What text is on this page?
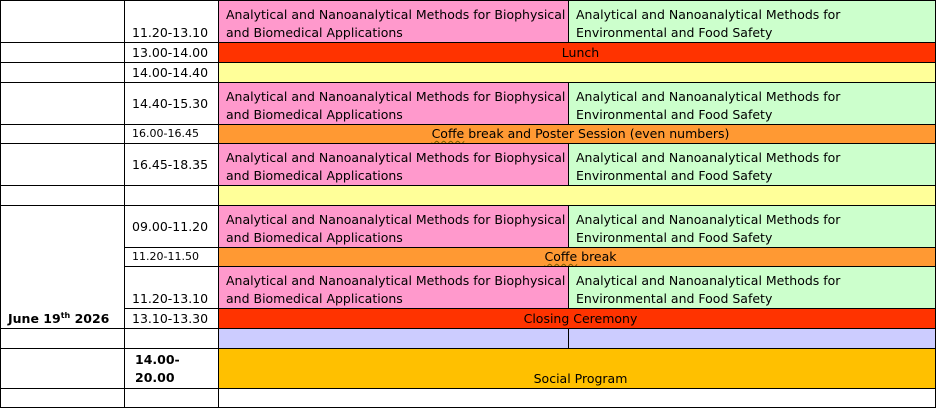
	11.20-13.10	Analytical and Nanoanalytical Methods for Biophysical and Biomedical Applications	Analytical and Nanoanalytical Methods for Environmental and Food Safety

	13.00-14.00	Lunch	
	14.00-14.40		
	14.40-15.30	Analytical and Nanoanalytical Methods for Biophysical and Biomedical Applications	Analytical and Nanoanalytical Methods for Environmental and Food Safety

	16.00-16.45	Coffe break and Poster Session (even numbers)	
	16.45-18.35	Analytical and Nanoanalytical Methods for Biophysical and Biomedical Applications	Analytical and Nanoanalytical Methods for Environmental and Food Safety

June 19th 2026	09.00-11.20	Analytical and Nanoanalytical Methods for Biophysical and Biomedical Applications	Analytical and Nanoanalytical Methods for Environmental and Food Safety

	11.20-11.50	Coffe break	
	11.20-13.10	Analytical and Nanoanalytical Methods for Biophysical and Biomedical Applications	Analytical and Nanoanalytical Methods for Environmental and Food Safety

	13.10-13.30	Closing Ceremony	

	14.00-20.00	Social Program	
